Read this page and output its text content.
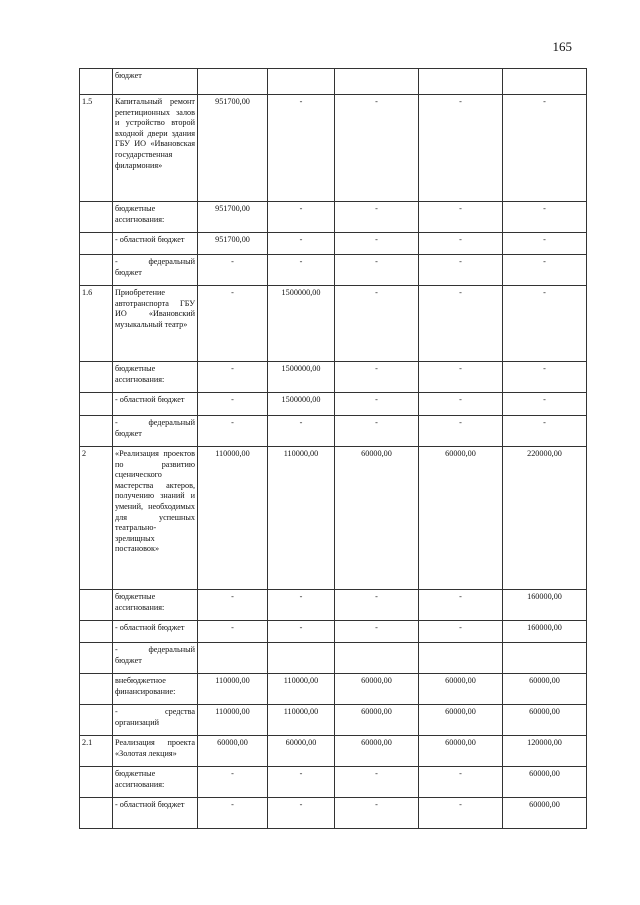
165
	бюджет					
1.5	Капитальный ремонт репетиционных залов и устройство второй входной двери здания ГБУ ИО «Ивановская государственная филармония»	951700,00	-	-	-	-
	бюджетные ассигнования:	951700,00	-	-	-	-
	- областной бюджет	951700,00	-	-	-	-
	- федеральный бюджет	-	-	-	-	-
1.6	Приобретение автотранспорта ГБУ ИО «Ивановский музыкальный театр»	-	1500000,00	-	-	-
	бюджетные ассигнования:	-	1500000,00	-	-	-
	- областной бюджет	-	1500000,00	-	-	-
	- федеральный бюджет	-	-	-	-	-
2	«Реализация проектов по развитию сценического мастерства актеров, получению знаний и умений, необходимых для успешных театрально-зрелищных постановок»	110000,00	110000,00	60000,00	60000,00	220000,00
	бюджетные ассигнования:	-	-	-	-	160000,00
	- областной бюджет	-	-	-	-	160000,00
	- федеральный бюджет					
	внебюджетное финансирование:	110000,00	110000,00	60000,00	60000,00	60000,00
	- средства организаций	110000,00	110000,00	60000,00	60000,00	60000,00
2.1	Реализация проекта «Золотая лекция»	60000,00	60000,00	60000,00	60000,00	120000,00
	бюджетные ассигнования:	-	-	-	-	60000,00
	- областной бюджет	-	-	-	-	60000,00
